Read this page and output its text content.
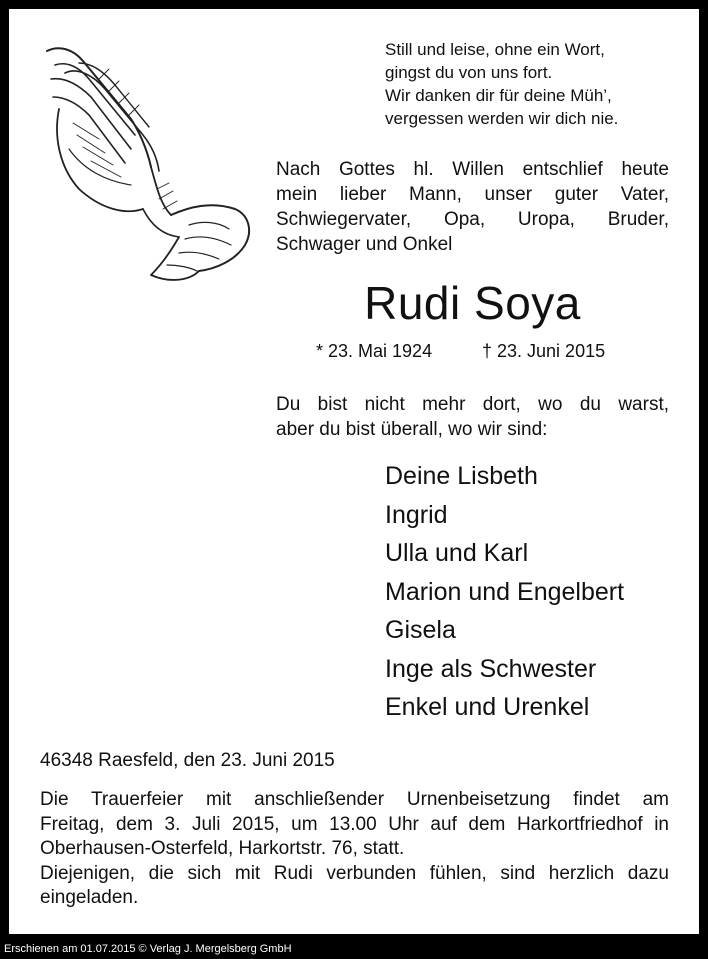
Still und leise, ohne ein Wort,
gingst du von uns fort.
Wir danken dir für deine Müh’,
vergessen werden wir dich nie.
Nach Gottes hl. Willen entschlief heute
mein lieber Mann, unser guter Vater,
Schwiegervater, Opa, Uropa, Bruder,
Schwager und Onkel
Rudi Soya
* 23. Mai 1924	† 23. Juni 2015
Du bist nicht mehr dort, wo du warst,
aber du bist überall, wo wir sind:
Deine Lisbeth
Ingrid
Ulla und Karl
Marion und Engelbert
Gisela
Inge als Schwester
Enkel und Urenkel
46348 Raesfeld, den 23. Juni 2015
Die Trauerfeier mit anschließender Urnenbeisetzung findet am
Freitag, dem 3. Juli 2015, um 13.00 Uhr auf dem Harkortfriedhof in
Oberhausen-Osterfeld, Harkortstr. 76, statt.
Diejenigen, die sich mit Rudi verbunden fühlen, sind herzlich dazu
eingeladen.
Erschienen am 01.07.2015 © Verlag J. Mergelsberg GmbH
